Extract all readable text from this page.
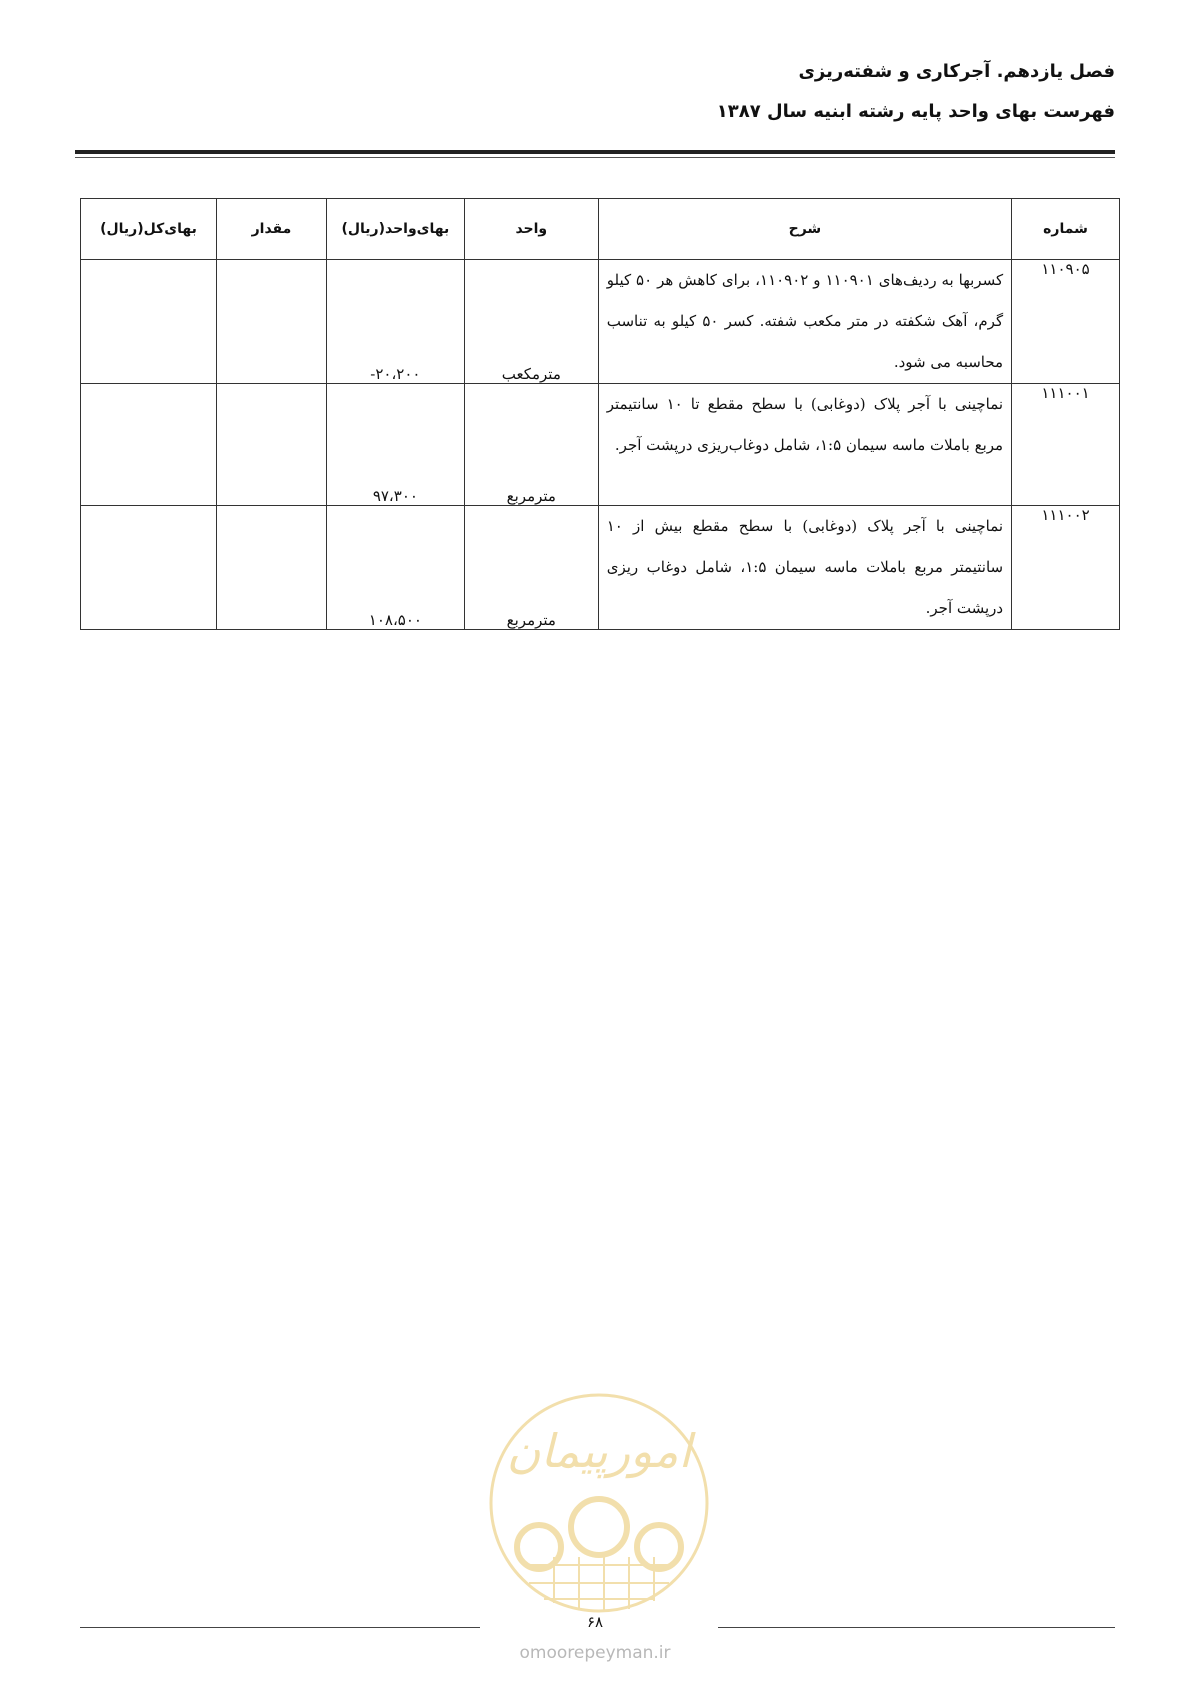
فصل یازدهم. آجرکاری و شفته‌ریزی
فهرست بهای واحد پایه رشته ابنیه سال ۱۳۸۷
شماره	شرح	واحد	بهای‌واحد(ریال)	مقدار	بهای‌کل(ریال)
۱۱۰۹۰۵	کسربها به ردیف‌های ۱۱۰۹۰۱ و ۱۱۰۹۰۲، برای کاهش هر ۵۰ کیلو گرم، آهک شکفته در متر مکعب شفته. کسر ۵۰ کیلو به تناسب محاسبه می شود.	مترمکعب	-۲۰،۲۰۰		
۱۱۱۰۰۱	نماچینی با آجر پلاک (دوغابی) با سطح مقطع تا ۱۰ سانتیمتر مربع باملات ماسه سیمان ۱:۵، شامل دوغاب‌ریزی درپشت آجر.	مترمربع	۹۷،۳۰۰		
۱۱۱۰۰۲	نماچینی با آجر پلاک (دوغابی) با سطح مقطع بیش از ۱۰ سانتیمتر مربع باملات ماسه سیمان ۱:۵، شامل دوغاب ریزی درپشت آجر.	مترمربع	۱۰۸،۵۰۰		
امورپیمان
۶۸
omoorepeyman.ir
